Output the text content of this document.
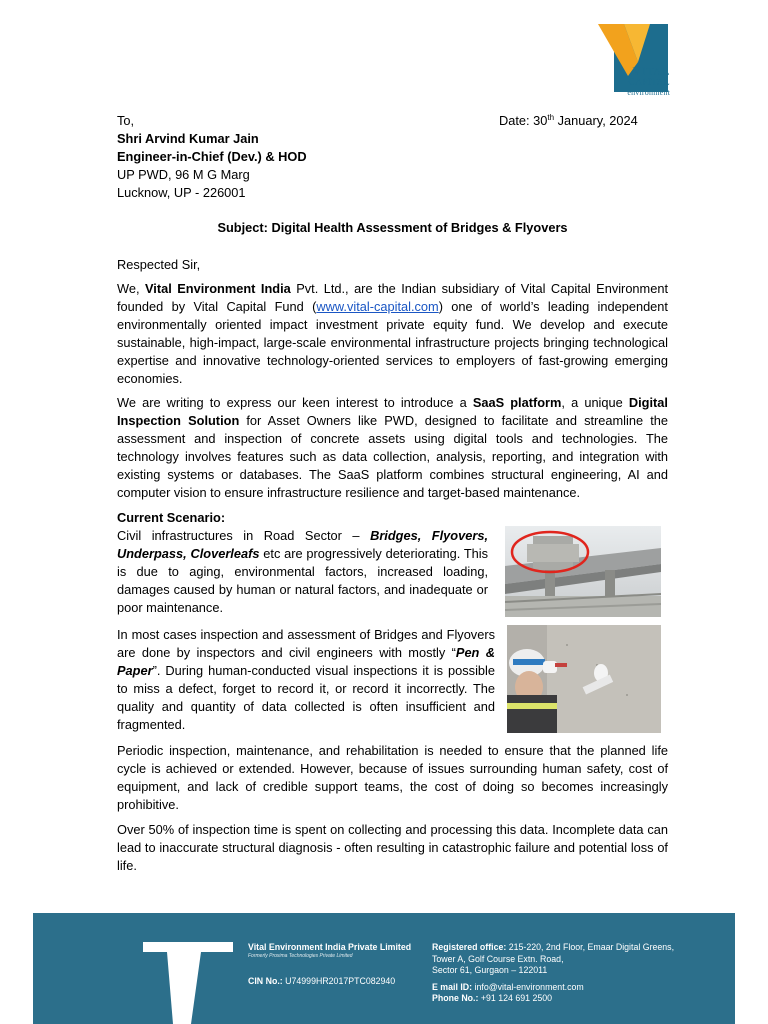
VITAL
CAPITAL
environment
Date: 30th January, 2024
To,
Shri Arvind Kumar Jain
Engineer-in-Chief (Dev.) & HOD
UP PWD, 96 M G Marg
Lucknow, UP - 226001
Subject: Digital Health Assessment of Bridges & Flyovers
Respected Sir,
We, Vital Environment India Pvt. Ltd., are the Indian subsidiary of Vital Capital Environment founded by Vital Capital Fund (www.vital-capital.com) one of world’s leading independent environmentally oriented impact investment private equity fund. We develop and execute sustainable, high-impact, large-scale environmental infrastructure projects bringing technological expertise and innovative technology-oriented services to employers of fast-growing emerging economies.
We are writing to express our keen interest to introduce a SaaS platform, a unique Digital Inspection Solution for Asset Owners like PWD, designed to facilitate and streamline the assessment and inspection of concrete assets using digital tools and technologies. The technology involves features such as data collection, analysis, reporting, and integration with existing systems or databases. The SaaS platform combines structural engineering, AI and computer vision to ensure infrastructure resilience and target-based maintenance.
Current Scenario:
Civil infrastructures in Road Sector – Bridges, Flyovers, Underpass, Cloverleafs etc are progressively deteriorating. This is due to aging, environmental factors, increased loading, damages caused by human or natural factors, and inadequate or poor maintenance.
In most cases inspection and assessment of Bridges and Flyovers are done by inspectors and civil engineers with mostly “Pen & Paper”. During human-conducted visual inspections it is possible to miss a defect, forget to record it, or record it incorrectly. The quality and quantity of data collected is often insufficient and fragmented.
Periodic inspection, maintenance, and rehabilitation is needed to ensure that the planned life cycle is achieved or extended. However, because of issues surrounding human safety, cost of equipment, and lack of credible support teams, the cost of doing so becomes increasingly prohibitive.
Over 50% of inspection time is spent on collecting and processing this data. Incomplete data can lead to inaccurate structural diagnosis - often resulting in catastrophic failure and potential loss of life.
Vital Environment India Private Limited
Formerly Proxima Technologies Private Limited
CIN No.: U74999HR2017PTC082940
Registered office: 215-220, 2nd Floor, Emaar Digital Greens,
Tower A, Golf Course Extn. Road,
Sector 61, Gurgaon – 122011
E mail ID: info@vital-environment.com
Phone No.: +91 124 691 2500
